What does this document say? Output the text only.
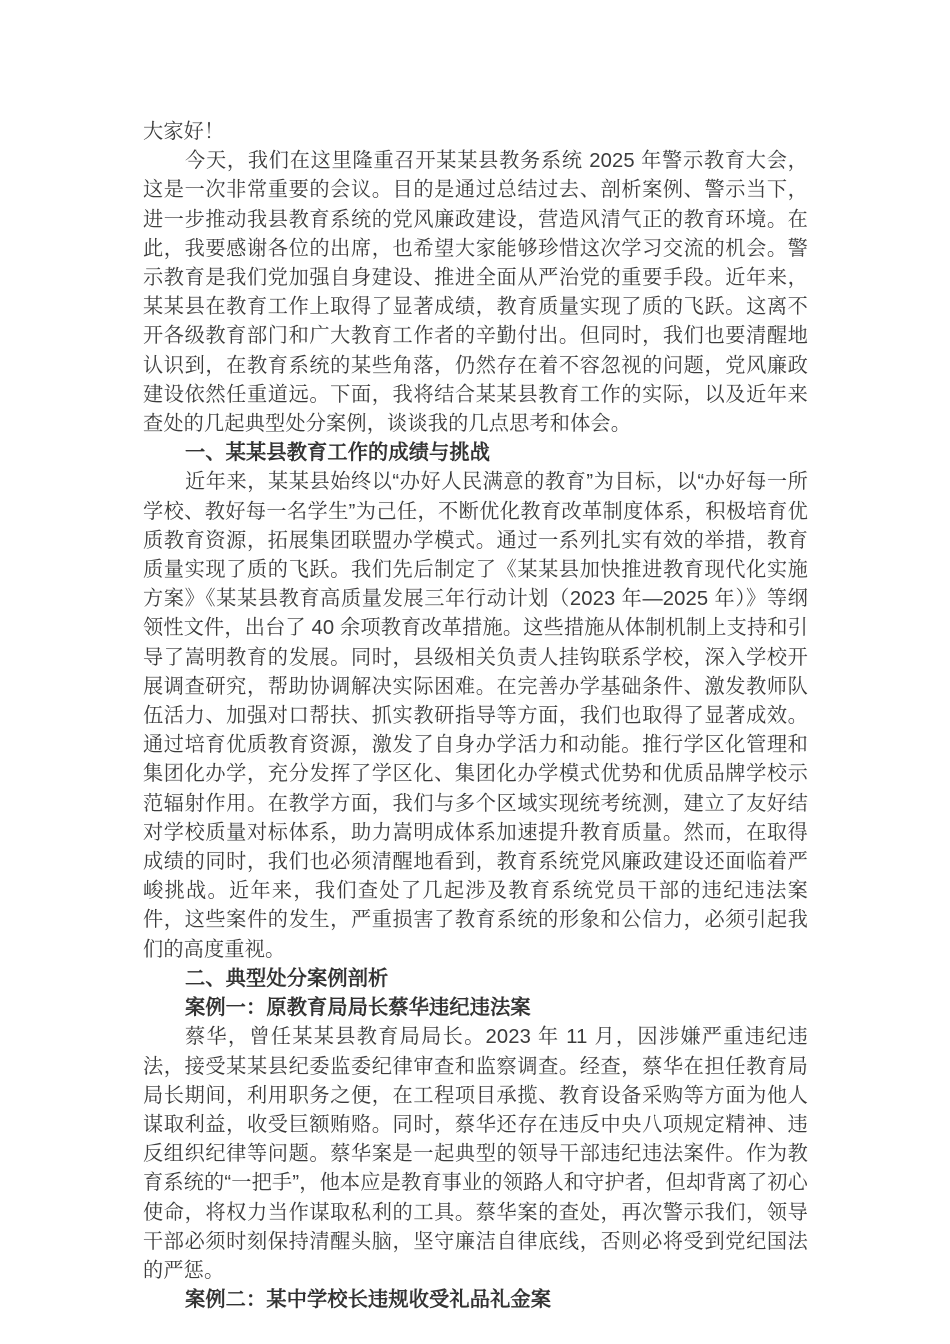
大家好！

今天，我们在这里隆重召开某某县教务系统 2025 年警示教育大会，这是一次非常重要的会议。目的是通过总结过去、剖析案例、警示当下，进一步推动我县教育系统的党风廉政建设，营造风清气正的教育环境。在此，我要感谢各位的出席，也希望大家能够珍惜这次学习交流的机会。警示教育是我们党加强自身建设、推进全面从严治党的重要手段。近年来，某某县在教育工作上取得了显著成绩，教育质量实现了质的飞跃。这离不开各级教育部门和广大教育工作者的辛勤付出。但同时，我们也要清醒地认识到，在教育系统的某些角落，仍然存在着不容忽视的问题，党风廉政建设依然任重道远。下面，我将结合某某县教育工作的实际，以及近年来查处的几起典型处分案例，谈谈我的几点思考和体会。

一、某某县教育工作的成绩与挑战

近年来，某某县始终以“办好人民满意的教育”为目标，以“办好每一所学校、教好每一名学生”为己任，不断优化教育改革制度体系，积极培育优质教育资源，拓展集团联盟办学模式。通过一系列扎实有效的举措，教育质量实现了质的飞跃。我们先后制定了《某某县加快推进教育现代化实施方案》《某某县教育高质量发展三年行动计划（2023 年—2025 年）》等纲领性文件，出台了 40 余项教育改革措施。这些措施从体制机制上支持和引导了嵩明教育的发展。同时，县级相关负责人挂钩联系学校，深入学校开展调查研究，帮助协调解决实际困难。在完善办学基础条件、激发教师队伍活力、加强对口帮扶、抓实教研指导等方面，我们也取得了显著成效。通过培育优质教育资源，激发了自身办学活力和动能。推行学区化管理和集团化办学，充分发挥了学区化、集团化办学模式优势和优质品牌学校示范辐射作用。在教学方面，我们与多个区域实现统考统测，建立了友好结对学校质量对标体系，助力嵩明成体系加速提升教育质量。然而，在取得成绩的同时，我们也必须清醒地看到，教育系统党风廉政建设还面临着严峻挑战。近年来，我们查处了几起涉及教育系统党员干部的违纪违法案件，这些案件的发生，严重损害了教育系统的形象和公信力，必须引起我们的高度重视。

二、典型处分案例剖析

案例一：原教育局局长蔡华违纪违法案

蔡华，曾任某某县教育局局长。2023 年 11 月，因涉嫌严重违纪违法，接受某某县纪委监委纪律审查和监察调查。经查，蔡华在担任教育局局长期间，利用职务之便，在工程项目承揽、教育设备采购等方面为他人谋取利益，收受巨额贿赂。同时，蔡华还存在违反中央八项规定精神、违反组织纪律等问题。蔡华案是一起典型的领导干部违纪违法案件。作为教育系统的“一把手”，他本应是教育事业的领路人和守护者，但却背离了初心使命，将权力当作谋取私利的工具。蔡华案的查处，再次警示我们，领导干部必须时刻保持清醒头脑，坚守廉洁自律底线，否则必将受到党纪国法的严惩。

案例二：某中学校长违规收受礼品礼金案
